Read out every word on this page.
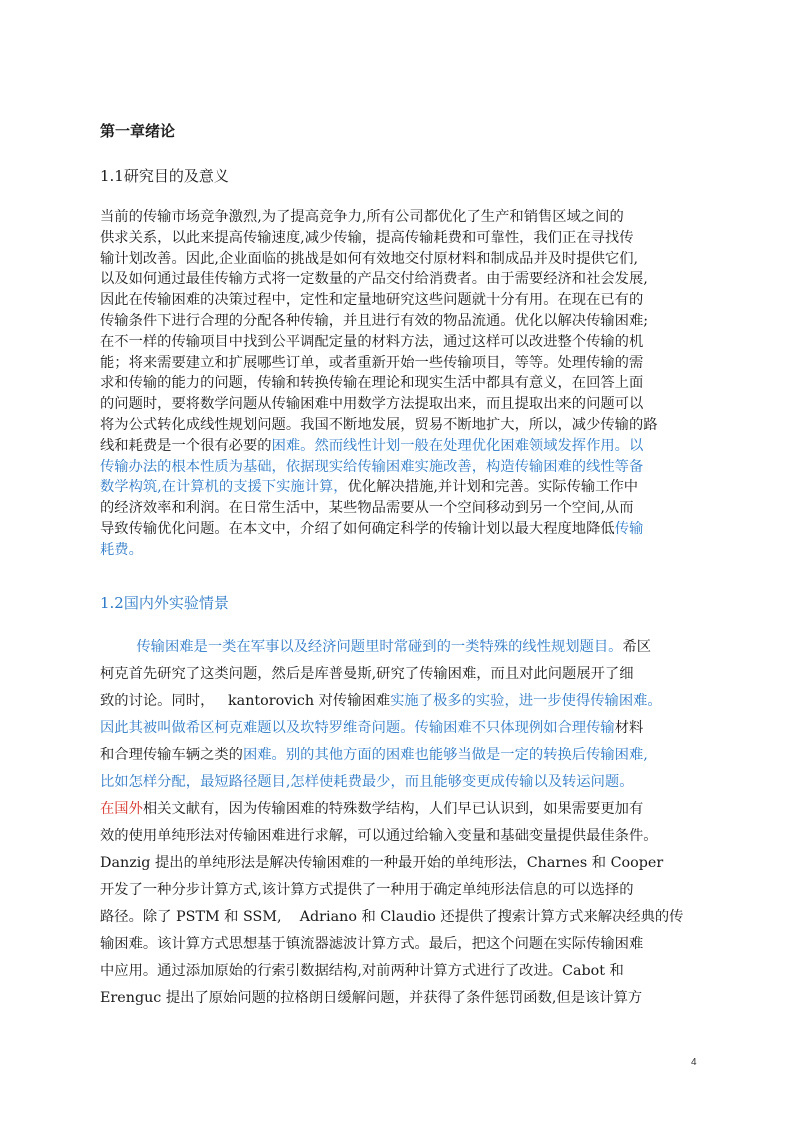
第一章绪论
1.1研究目的及意义
当前的传输市场竞争激烈,为了提高竞争力,所有公司都优化了生产和销售区域之间的
供求关系，以此来提高传输速度,减少传输，提高传输耗费和可靠性，我们正在寻找传
输计划改善。因此,企业面临的挑战是如何有效地交付原材料和制成品并及时提供它们,
以及如何通过最佳传输方式将一定数量的产品交付给消费者。由于需要经济和社会发展,
因此在传输困难的决策过程中，定性和定量地研究这些问题就十分有用。在现在已有的
传输条件下进行合理的分配各种传输，并且进行有效的物品流通。优化以解决传输困难;
在不一样的传输项目中找到公平调配定量的材料方法，通过这样可以改进整个传输的机
能；将来需要建立和扩展哪些订单，或者重新开始一些传输项目，等等。处理传输的需
求和传输的能力的问题，传输和转换传输在理论和现实生活中都具有意义，在回答上面
的问题时，要将数学问题从传输困难中用数学方法提取出来，而且提取出来的问题可以
将为公式转化成线性规划问题。我国不断地发展，贸易不断地扩大，所以，减少传输的路
线和耗费是一个很有必要的困难。然而线性计划一般在处理优化困难领域发挥作用。以
传输办法的根本性质为基础，依据现实给传输困难实施改善，构造传输困难的线性等备
数学构筑,在计算机的支援下实施计算，优化解决措施,并计划和完善。实际传输工作中
的经济效率和利润。在日常生活中，某些物品需要从一个空间移动到另一个空间,从而
导致传输优化问题。在本文中，介绍了如何确定科学的传输计划以最大程度地降低传输
耗费。
1.2国内外实验情景
传输困难是一类在军事以及经济问题里时常碰到的一类特殊的线性规划题目。希区
柯克首先研究了这类问题，然后是库普曼斯,研究了传输困难，而且对此问题展开了细
致的讨论。同时，   kantorovich 对传输困难实施了极多的实验，进一步使得传输困难。
因此其被叫做希区柯克难题以及坎特罗维奇问题。传输困难不只体现例如合理传输材料
和合理传输车辆之类的困难。别的其他方面的困难也能够当做是一定的转换后传输困难,
比如怎样分配，最短路径题目,怎样使耗费最少，而且能够变更成传输以及转运问题。
在国外相关文献有，因为传输困难的特殊数学结构，人们早已认识到，如果需要更加有
效的使用单纯形法对传输困难进行求解，可以通过给输入变量和基础变量提供最佳条件。
Danzig 提出的单纯形法是解决传输困难的一种最开始的单纯形法，Charnes 和 Cooper
开发了一种分步计算方式,该计算方式提供了一种用于确定单纯形法信息的可以选择的
路径。除了 PSTM 和 SSM,    Adriano 和 Claudio 还提供了搜索计算方式来解决经典的传
输困难。该计算方式思想基于镇流器滤波计算方式。最后，把这个问题在实际传输困难
中应用。通过添加原始的行索引数据结构,对前两种计算方式进行了改进。Cabot 和
Erenguc 提出了原始问题的拉格朗日缓解问题，并获得了条件惩罚函数,但是该计算方
4
